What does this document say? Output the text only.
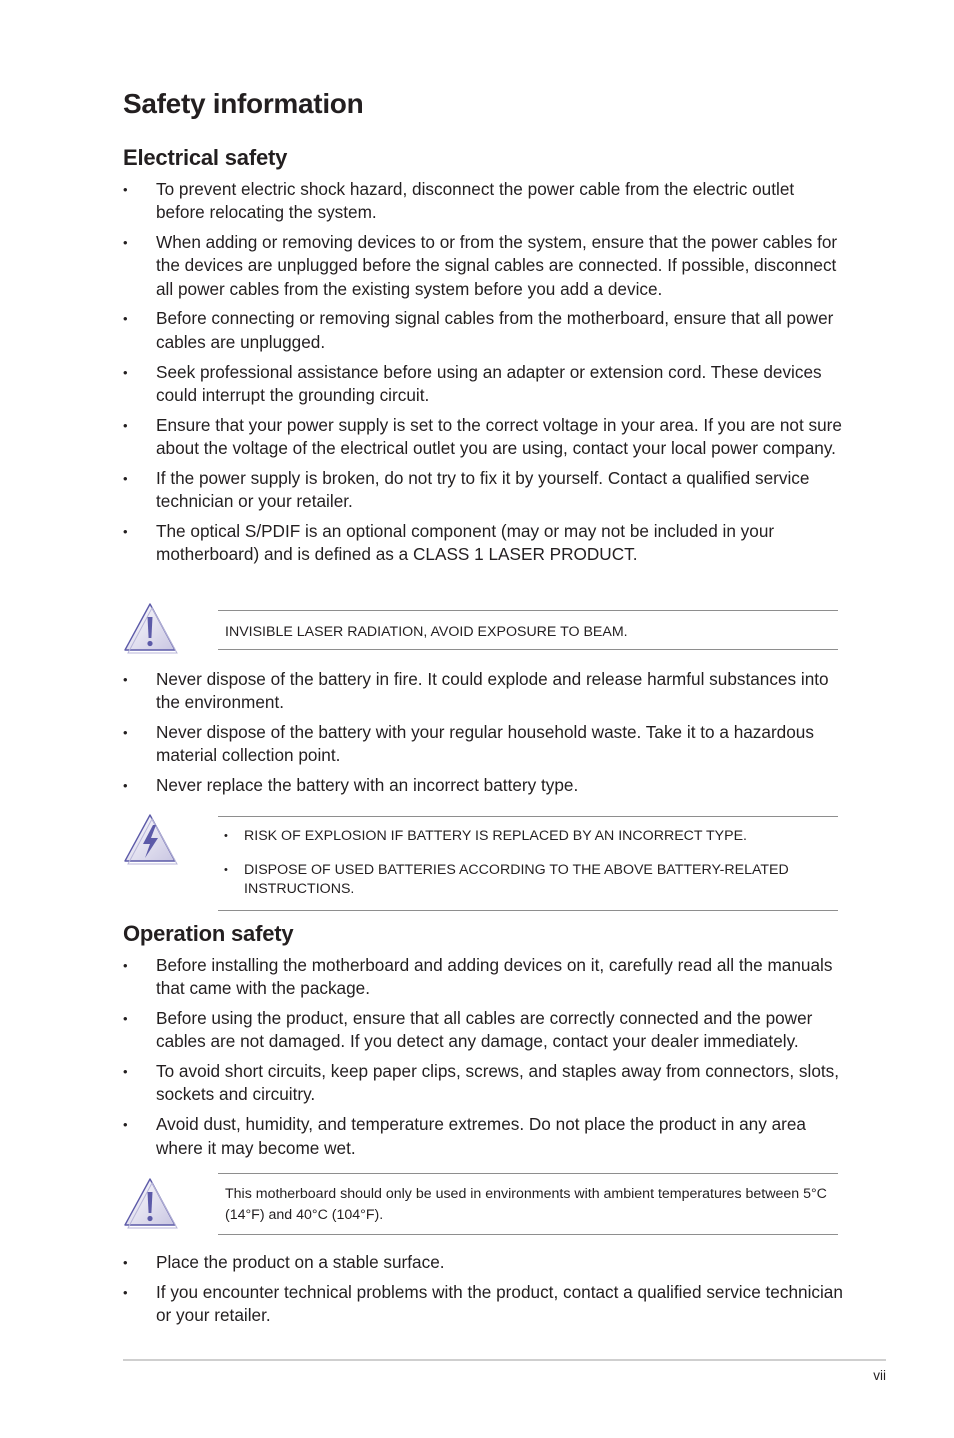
Safety information
Electrical safety
• To prevent electric shock hazard, disconnect the power cable from the electric outlet before relocating the system.
• When adding or removing devices to or from the system, ensure that the power cables for the devices are unplugged before the signal cables are connected. If possible, disconnect all power cables from the existing system before you add a device.
• Before connecting or removing signal cables from the motherboard, ensure that all power cables are unplugged.
• Seek professional assistance before using an adapter or extension cord. These devices could interrupt the grounding circuit.
• Ensure that your power supply is set to the correct voltage in your area. If you are not sure about the voltage of the electrical outlet you are using, contact your local power company.
• If the power supply is broken, do not try to fix it by yourself. Contact a qualified service technician or your retailer.
• The optical S/PDIF is an optional component (may or may not be included in your motherboard) and is defined as a CLASS 1 LASER PRODUCT.

INVISIBLE LASER RADIATION, AVOID EXPOSURE TO BEAM.

• Never dispose of the battery in fire. It could explode and release harmful substances into the environment.
• Never dispose of the battery with your regular household waste. Take it to a hazardous material collection point.
• Never replace the battery with an incorrect battery type.
• RISK OF EXPLOSION IF BATTERY IS REPLACED BY AN INCORRECT TYPE.
• DISPOSE OF USED BATTERIES ACCORDING TO THE ABOVE BATTERY-RELATED INSTRUCTIONS.
Operation safety
• Before installing the motherboard and adding devices on it, carefully read all the manuals that came with the package.
• Before using the product, ensure that all cables are correctly connected and the power cables are not damaged. If you detect any damage, contact your dealer immediately.
• To avoid short circuits, keep paper clips, screws, and staples away from connectors, slots, sockets and circuitry.
• Avoid dust, humidity, and temperature extremes. Do not place the product in any area where it may become wet.

This motherboard should only be used in environments with ambient temperatures between 5°C (14°F) and 40°C (104°F).

• Place the product on a stable surface.
• If you encounter technical problems with the product, contact a qualified service technician or your retailer.
vii
